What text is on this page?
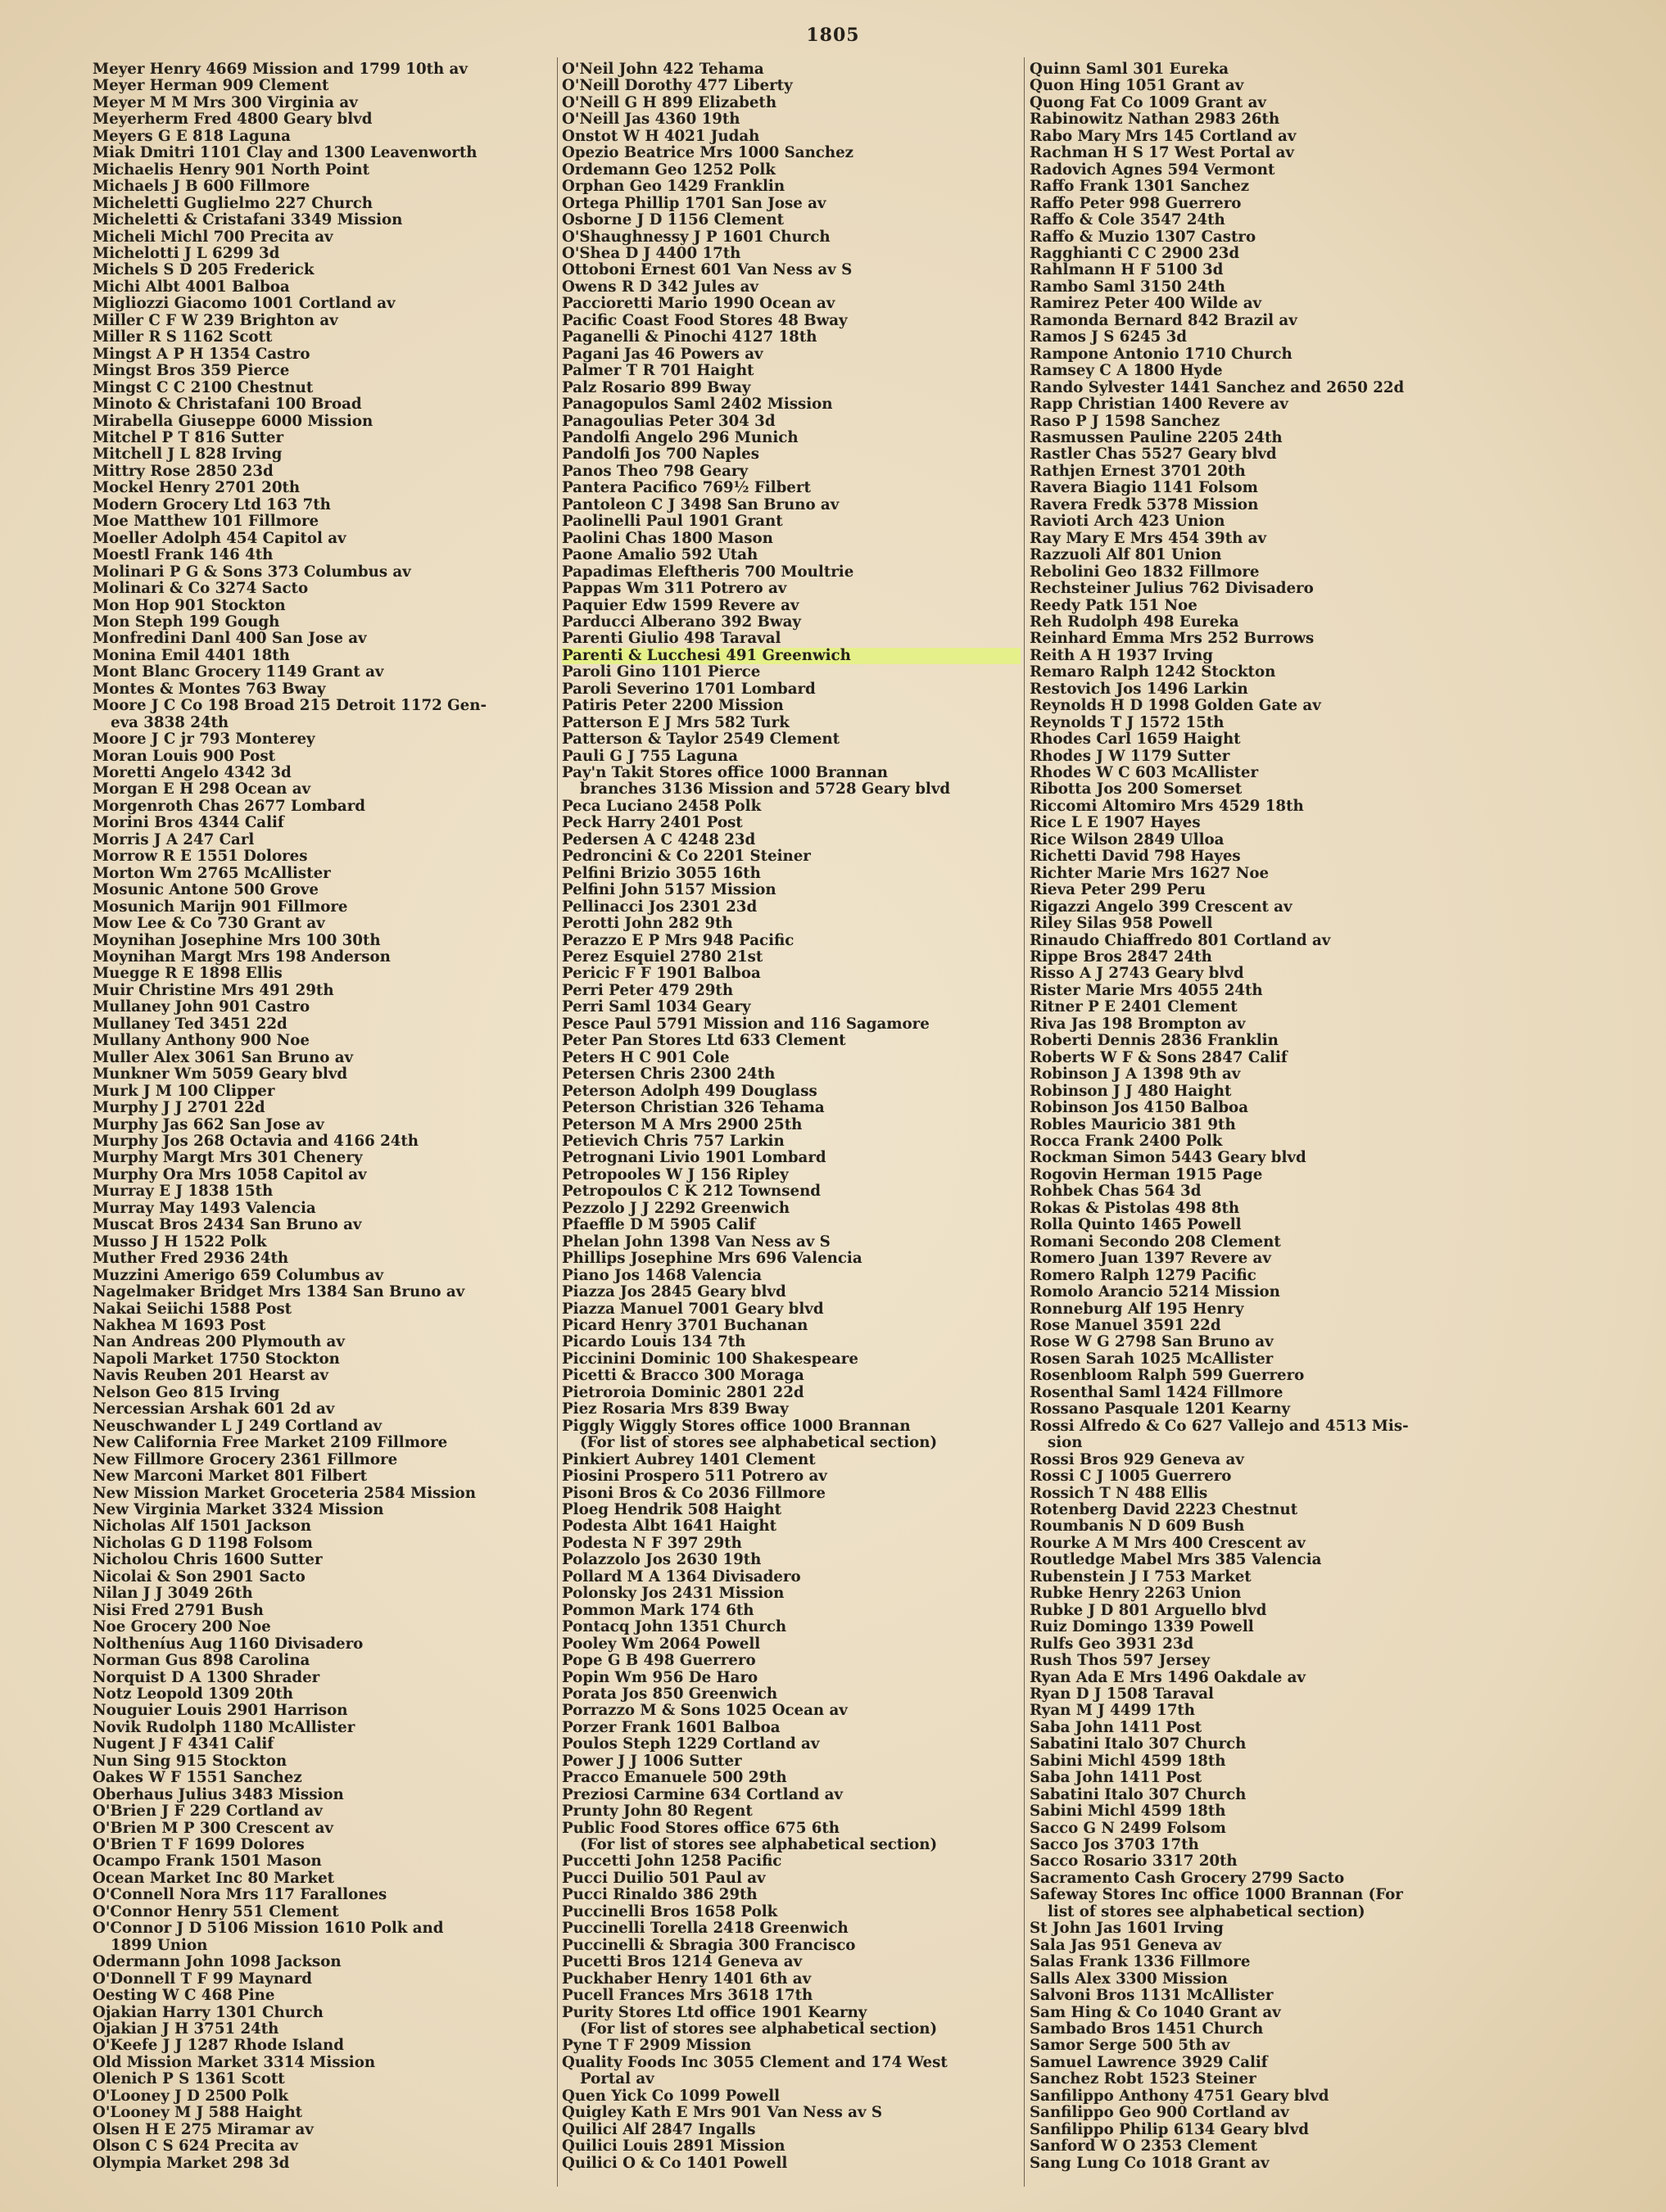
1805
Meyer Henry 4669 Mission and 1799 10th av
Meyer Herman 909 Clement
Meyer M M Mrs 300 Virginia av
Meyerherm Fred 4800 Geary blvd
Meyers G E 818 Laguna
Miak Dmitri 1101 Clay and 1300 Leavenworth
Michaelis Henry 901 North Point
Michaels J B 600 Fillmore
Micheletti Guglielmo 227 Church
Micheletti & Cristafani 3349 Mission
Micheli Michl 700 Precita av
Michelotti J L 6299 3d
Michels S D 205 Frederick
Michi Albt 4001 Balboa
Migliozzi Giacomo 1001 Cortland av
Miller C F W 239 Brighton av
Miller R S 1162 Scott
Mingst A P H 1354 Castro
Mingst Bros 359 Pierce
Mingst C C 2100 Chestnut
Minoto & Christafani 100 Broad
Mirabella Giuseppe 6000 Mission
Mitchel P T 816 Sutter
Mitchell J L 828 Irving
Mittry Rose 2850 23d
Mockel Henry 2701 20th
Modern Grocery Ltd 163 7th
Moe Matthew 101 Fillmore
Moeller Adolph 454 Capitol av
Moestl Frank 146 4th
Molinari P G & Sons 373 Columbus av
Molinari & Co 3274 Sacto
Mon Hop 901 Stockton
Mon Steph 199 Gough
Monfredini Danl 400 San Jose av
Monina Emil 4401 18th
Mont Blanc Grocery 1149 Grant av
Montes & Montes 763 Bway
Moore J C Co 198 Broad 215 Detroit 1172 Gen-
eva 3838 24th
Moore J C jr 793 Monterey
Moran Louis 900 Post
Moretti Angelo 4342 3d
Morgan E H 298 Ocean av
Morgenroth Chas 2677 Lombard
Morini Bros 4344 Calif
Morris J A 247 Carl
Morrow R E 1551 Dolores
Morton Wm 2765 McAllister
Mosunic Antone 500 Grove
Mosunich Marijn 901 Fillmore
Mow Lee & Co 730 Grant av
Moynihan Josephine Mrs 100 30th
Moynihan Margt Mrs 198 Anderson
Muegge R E 1898 Ellis
Muir Christine Mrs 491 29th
Mullaney John 901 Castro
Mullaney Ted 3451 22d
Mullany Anthony 900 Noe
Muller Alex 3061 San Bruno av
Munkner Wm 5059 Geary blvd
Murk J M 100 Clipper
Murphy J J 2701 22d
Murphy Jas 662 San Jose av
Murphy Jos 268 Octavia and 4166 24th
Murphy Margt Mrs 301 Chenery
Murphy Ora Mrs 1058 Capitol av
Murray E J 1838 15th
Murray May 1493 Valencia
Muscat Bros 2434 San Bruno av
Musso J H 1522 Polk
Muther Fred 2936 24th
Muzzini Amerigo 659 Columbus av
Nagelmaker Bridget Mrs 1384 San Bruno av
Nakai Seiichi 1588 Post
Nakhea M 1693 Post
Nan Andreas 200 Plymouth av
Napoli Market 1750 Stockton
Navis Reuben 201 Hearst av
Nelson Geo 815 Irving
Nercessian Arshak 601 2d av
Neuschwander L J 249 Cortland av
New California Free Market 2109 Fillmore
New Fillmore Grocery 2361 Fillmore
New Marconi Market 801 Filbert
New Mission Market Groceteria 2584 Mission
New Virginia Market 3324 Mission
Nicholas Alf 1501 Jackson
Nicholas G D 1198 Folsom
Nicholou Chris 1600 Sutter
Nicolai & Son 2901 Sacto
Nilan J J 3049 26th
Nisi Fred 2791 Bush
Noe Grocery 200 Noe
Noltheníus Aug 1160 Divisadero
Norman Gus 898 Carolina
Norquist D A 1300 Shrader
Notz Leopold 1309 20th
Nouguier Louis 2901 Harrison
Novik Rudolph 1180 McAllister
Nugent J F 4341 Calif
Nun Sing 915 Stockton
Oakes W F 1551 Sanchez
Oberhaus Julius 3483 Mission
O'Brien J F 229 Cortland av
O'Brien M P 300 Crescent av
O'Brien T F 1699 Dolores
Ocampo Frank 1501 Mason
Ocean Market Inc 80 Market
O'Connell Nora Mrs 117 Farallones
O'Connor Henry 551 Clement
O'Connor J D 5106 Mission 1610 Polk and
1899 Union
Odermann John 1098 Jackson
O'Donnell T F 99 Maynard
Oesting W C 468 Pine
Ojakian Harry 1301 Church
Ojakian J H 3751 24th
O'Keefe J J 1287 Rhode Island
Old Mission Market 3314 Mission
Olenich P S 1361 Scott
O'Looney J D 2500 Polk
O'Looney M J 588 Haight
Olsen H E 275 Miramar av
Olson C S 624 Precita av
Olympia Market 298 3d
O'Neil John 422 Tehama
O'Neill Dorothy 477 Liberty
O'Neill G H 899 Elizabeth
O'Neill Jas 4360 19th
Onstot W H 4021 Judah
Opezio Beatrice Mrs 1000 Sanchez
Ordemann Geo 1252 Polk
Orphan Geo 1429 Franklin
Ortega Phillip 1701 San Jose av
Osborne J D 1156 Clement
O'Shaughnessy J P 1601 Church
O'Shea D J 4400 17th
Ottoboni Ernest 601 Van Ness av S
Owens R D 342 Jules av
Paccioretti Mario 1990 Ocean av
Pacific Coast Food Stores 48 Bway
Paganelli & Pinochi 4127 18th
Pagani Jas 46 Powers av
Palmer T R 701 Haight
Palz Rosario 899 Bway
Panagopulos Saml 2402 Mission
Panagoulias Peter 304 3d
Pandolfi Angelo 296 Munich
Pandolfi Jos 700 Naples
Panos Theo 798 Geary
Pantera Pacifico 769½ Filbert
Pantoleon C J 3498 San Bruno av
Paolinelli Paul 1901 Grant
Paolini Chas 1800 Mason
Paone Amalio 592 Utah
Papadimas Eleftheris 700 Moultrie
Pappas Wm 311 Potrero av
Paquier Edw 1599 Revere av
Parducci Alberano 392 Bway
Parenti Giulio 498 Taraval
Parenti & Lucchesi 491 Greenwich
Paroli Gino 1101 Pierce
Paroli Severino 1701 Lombard
Patiris Peter 2200 Mission
Patterson E J Mrs 582 Turk
Patterson & Taylor 2549 Clement
Pauli G J 755 Laguna
Pay'n Takit Stores office 1000 Brannan
branches 3136 Mission and 5728 Geary blvd
Peca Luciano 2458 Polk
Peck Harry 2401 Post
Pedersen A C 4248 23d
Pedroncini & Co 2201 Steiner
Pelfini Brizio 3055 16th
Pelfini John 5157 Mission
Pellinacci Jos 2301 23d
Perotti John 282 9th
Perazzo E P Mrs 948 Pacific
Perez Esquiel 2780 21st
Pericic F F 1901 Balboa
Perri Peter 479 29th
Perri Saml 1034 Geary
Pesce Paul 5791 Mission and 116 Sagamore
Peter Pan Stores Ltd 633 Clement
Peters H C 901 Cole
Petersen Chris 2300 24th
Peterson Adolph 499 Douglass
Peterson Christian 326 Tehama
Peterson M A Mrs 2900 25th
Petievich Chris 757 Larkin
Petrognani Livio 1901 Lombard
Petropooles W J 156 Ripley
Petropoulos C K 212 Townsend
Pezzolo J J 2292 Greenwich
Pfaeffle D M 5905 Calif
Phelan John 1398 Van Ness av S
Phillips Josephine Mrs 696 Valencia
Piano Jos 1468 Valencia
Piazza Jos 2845 Geary blvd
Piazza Manuel 7001 Geary blvd
Picard Henry 3701 Buchanan
Picardo Louis 134 7th
Piccinini Dominic 100 Shakespeare
Picetti & Bracco 300 Moraga
Pietroroia Dominic 2801 22d
Piez Rosaria Mrs 839 Bway
Piggly Wiggly Stores office 1000 Brannan
(For list of stores see alphabetical section)
Pinkiert Aubrey 1401 Clement
Piosini Prospero 511 Potrero av
Pisoni Bros & Co 2036 Fillmore
Ploeg Hendrik 508 Haight
Podesta Albt 1641 Haight
Podesta N F 397 29th
Polazzolo Jos 2630 19th
Pollard M A 1364 Divisadero
Polonsky Jos 2431 Mission
Pommon Mark 174 6th
Pontacq John 1351 Church
Pooley Wm 2064 Powell
Pope G B 498 Guerrero
Popin Wm 956 De Haro
Porata Jos 850 Greenwich
Porrazzo M & Sons 1025 Ocean av
Porzer Frank 1601 Balboa
Poulos Steph 1229 Cortland av
Power J J 1006 Sutter
Pracco Emanuele 500 29th
Preziosi Carmine 634 Cortland av
Prunty John 80 Regent
Public Food Stores office 675 6th
(For list of stores see alphabetical section)
Puccetti John 1258 Pacific
Pucci Duilio 501 Paul av
Pucci Rinaldo 386 29th
Puccinelli Bros 1658 Polk
Puccinelli Torella 2418 Greenwich
Puccinelli & Sbragia 300 Francisco
Pucetti Bros 1214 Geneva av
Puckhaber Henry 1401 6th av
Pucell Frances Mrs 3618 17th
Purity Stores Ltd office 1901 Kearny
(For list of stores see alphabetical section)
Pyne T F 2909 Mission
Quality Foods Inc 3055 Clement and 174 West
Portal av
Quen Yick Co 1099 Powell
Quigley Kath E Mrs 901 Van Ness av S
Quilici Alf 2847 Ingalls
Quilici Louis 2891 Mission
Quilici O & Co 1401 Powell
Quinn Saml 301 Eureka
Quon Hing 1051 Grant av
Quong Fat Co 1009 Grant av
Rabinowitz Nathan 2983 26th
Rabo Mary Mrs 145 Cortland av
Rachman H S 17 West Portal av
Radovich Agnes 594 Vermont
Raffo Frank 1301 Sanchez
Raffo Peter 998 Guerrero
Raffo & Cole 3547 24th
Raffo & Muzio 1307 Castro
Ragghianti C C 2900 23d
Rahlmann H F 5100 3d
Rambo Saml 3150 24th
Ramirez Peter 400 Wilde av
Ramonda Bernard 842 Brazil av
Ramos J S 6245 3d
Rampone Antonio 1710 Church
Ramsey C A 1800 Hyde
Rando Sylvester 1441 Sanchez and 2650 22d
Rapp Christian 1400 Revere av
Raso P J 1598 Sanchez
Rasmussen Pauline 2205 24th
Rastler Chas 5527 Geary blvd
Rathjen Ernest 3701 20th
Ravera Biagio 1141 Folsom
Ravera Fredk 5378 Mission
Ravioti Arch 423 Union
Ray Mary E Mrs 454 39th av
Razzuoli Alf 801 Union
Rebolini Geo 1832 Fillmore
Rechsteiner Julius 762 Divisadero
Reedy Patk 151 Noe
Reh Rudolph 498 Eureka
Reinhard Emma Mrs 252 Burrows
Reith A H 1937 Irving
Remaro Ralph 1242 Stockton
Restovich Jos 1496 Larkin
Reynolds H D 1998 Golden Gate av
Reynolds T J 1572 15th
Rhodes Carl 1659 Haight
Rhodes J W 1179 Sutter
Rhodes W C 603 McAllister
Ribotta Jos 200 Somerset
Riccomi Altomiro Mrs 4529 18th
Rice L E 1907 Hayes
Rice Wilson 2849 Ulloa
Richetti David 798 Hayes
Richter Marie Mrs 1627 Noe
Rieva Peter 299 Peru
Rigazzi Angelo 399 Crescent av
Riley Silas 958 Powell
Rinaudo Chiaffredo 801 Cortland av
Rippe Bros 2847 24th
Risso A J 2743 Geary blvd
Rister Marie Mrs 4055 24th
Ritner P E 2401 Clement
Riva Jas 198 Brompton av
Roberti Dennis 2836 Franklin
Roberts W F & Sons 2847 Calif
Robinson J A 1398 9th av
Robinson J J 480 Haight
Robinson Jos 4150 Balboa
Robles Mauricio 381 9th
Rocca Frank 2400 Polk
Rockman Simon 5443 Geary blvd
Rogovin Herman 1915 Page
Rohbek Chas 564 3d
Rokas & Pistolas 498 8th
Rolla Quinto 1465 Powell
Romani Secondo 208 Clement
Romero Juan 1397 Revere av
Romero Ralph 1279 Pacific
Romolo Arancio 5214 Mission
Ronneburg Alf 195 Henry
Rose Manuel 3591 22d
Rose W G 2798 San Bruno av
Rosen Sarah 1025 McAllister
Rosenbloom Ralph 599 Guerrero
Rosenthal Saml 1424 Fillmore
Rossano Pasquale 1201 Kearny
Rossi Alfredo & Co 627 Vallejo and 4513 Mis-
sion
Rossi Bros 929 Geneva av
Rossi C J 1005 Guerrero
Rossich T N 488 Ellis
Rotenberg David 2223 Chestnut
Roumbanis N D 609 Bush
Rourke A M Mrs 400 Crescent av
Routledge Mabel Mrs 385 Valencia
Rubenstein J I 753 Market
Rubke Henry 2263 Union
Rubke J D 801 Arguello blvd
Ruiz Domingo 1339 Powell
Rulfs Geo 3931 23d
Rush Thos 597 Jersey
Ryan Ada E Mrs 1496 Oakdale av
Ryan D J 1508 Taraval
Ryan M J 4499 17th
Saba John 1411 Post
Sabatini Italo 307 Church
Sabini Michl 4599 18th
Saba John 1411 Post
Sabatini Italo 307 Church
Sabini Michl 4599 18th
Sacco G N 2499 Folsom
Sacco Jos 3703 17th
Sacco Rosario 3317 20th
Sacramento Cash Grocery 2799 Sacto
Safeway Stores Inc office 1000 Brannan (For
list of stores see alphabetical section)
St John Jas 1601 Irving
Sala Jas 951 Geneva av
Salas Frank 1336 Fillmore
Salls Alex 3300 Mission
Salvoni Bros 1131 McAllister
Sam Hing & Co 1040 Grant av
Sambado Bros 1451 Church
Samor Serge 500 5th av
Samuel Lawrence 3929 Calif
Sanchez Robt 1523 Steiner
Sanfilippo Anthony 4751 Geary blvd
Sanfilippo Geo 900 Cortland av
Sanfilippo Philip 6134 Geary blvd
Sanford W O 2353 Clement
Sang Lung Co 1018 Grant av
